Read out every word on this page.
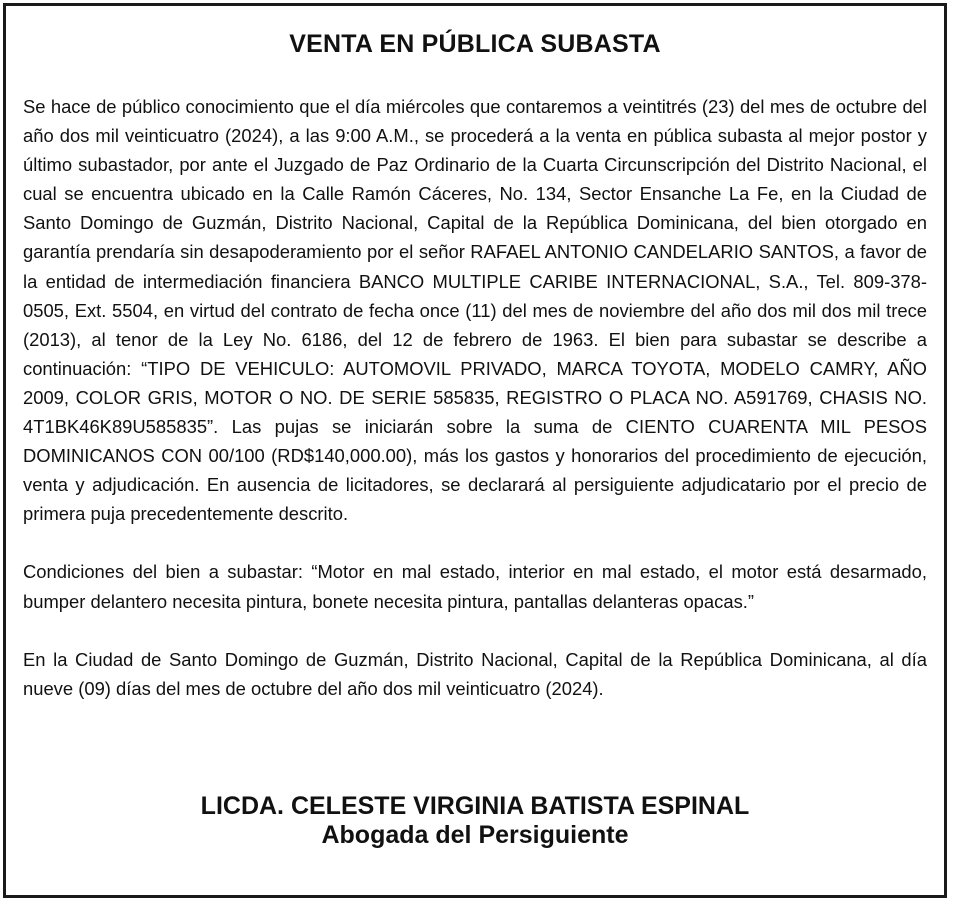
VENTA EN PÚBLICA SUBASTA

Se hace de público conocimiento que el día miércoles que contaremos a veintitrés (23) del mes de octubre del año dos mil veinticuatro (2024), a las 9:00 A.M., se procederá a la venta en pública subasta al mejor postor y último subastador, por ante el Juzgado de Paz Ordinario de la Cuarta Circunscripción del Distrito Nacional, el cual se encuentra ubicado en la Calle Ramón Cáceres, No. 134, Sector Ensanche La Fe, en la Ciudad de Santo Domingo de Guzmán, Distrito Nacional, Capital de la República Dominicana, del bien otorgado en garantía prendaría sin desapoderamiento por el señor RAFAEL ANTONIO CANDELARIO SANTOS, a favor de la entidad de intermediación financiera BANCO MULTIPLE CARIBE INTERNACIONAL, S.A., Tel. 809-378-0505, Ext. 5504, en virtud del contrato de fecha once (11) del mes de noviembre del año dos mil dos mil trece (2013), al tenor de la Ley No. 6186, del 12 de febrero de 1963. El bien para subastar se describe a continuación: “TIPO DE VEHICULO: AUTOMOVIL PRIVADO, MARCA TOYOTA, MODELO CAMRY, AÑO 2009, COLOR GRIS, MOTOR O NO. DE SERIE 585835, REGISTRO O PLACA NO. A591769, CHASIS NO. 4T1BK46K89U585835”. Las pujas se iniciarán sobre la suma de CIENTO CUARENTA MIL PESOS DOMINICANOS CON 00/100 (RD$140,000.00), más los gastos y honorarios del procedimiento de ejecución, venta y adjudicación. En ausencia de licitadores, se declarará al persiguiente adjudicatario por el precio de primera puja precedentemente descrito.

Condiciones del bien a subastar: “Motor en mal estado, interior en mal estado, el motor está desarmado, bumper delantero necesita pintura, bonete necesita pintura, pantallas delanteras opacas.”

En la Ciudad de Santo Domingo de Guzmán, Distrito Nacional, Capital de la República Dominicana, al día nueve (09) días del mes de octubre del año dos mil veinticuatro (2024).

LICDA. CELESTE VIRGINIA BATISTA ESPINAL
Abogada del Persiguiente
